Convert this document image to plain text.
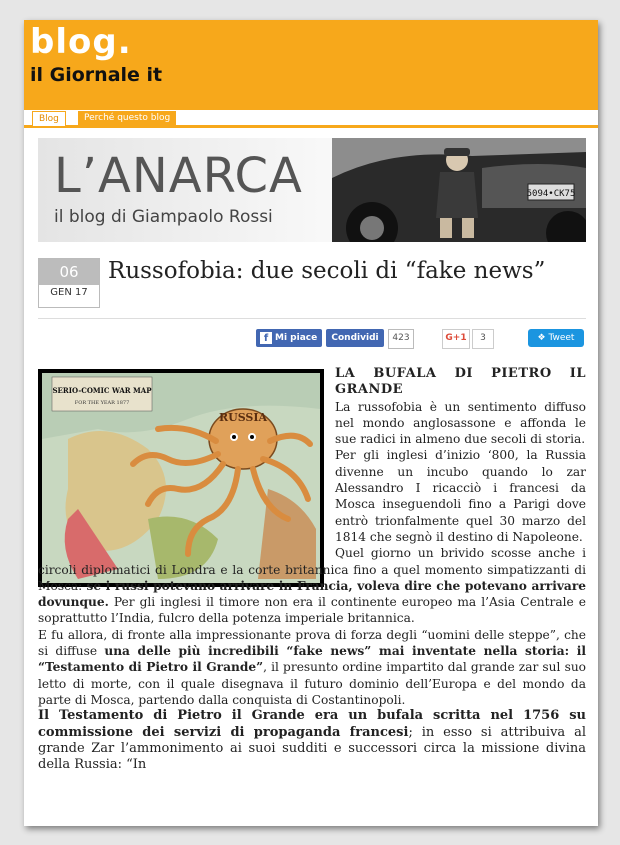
blog.
il Giornale it
Blog	Perché questo blog
L’ANARCA
il blog di Giampaolo Rossi
5094•CK75
06
GEN 17
Russofobia: due secoli di “fake news”
f Mi piace	Condividi	423	G+1	3	❖ Tweet
RUSSIA
SERIO-COMIC WAR MAP
FOR THE YEAR 1877

LA BUFALA DI PIETRO IL GRANDE

La russofobia è un sentimento diffuso nel mondo anglosassone e affonda le sue radici in almeno due secoli di storia.

Per gli inglesi d’inizio ‘800, la Russia divenne un incubo quando lo zar Alessandro I ricacciò i francesi da Mosca inseguendoli fino a Parigi dove entrò trionfalmente quel 30 marzo del 1814 che segnò il destino di Napoleone.

Quel giorno un brivido scosse anche i circoli diplomatici di Londra e la corte britannica fino a quel momento simpatizzanti di Mosca: se i russi potevano arrivare in Francia, voleva dire che potevano arrivare dovunque. Per gli inglesi il timore non era il continente europeo ma l’Asia Centrale e soprattutto l’India, fulcro della potenza imperiale britannica.

E fu allora, di fronte alla impressionante prova di forza degli “uomini delle steppe”, che si diffuse una delle più incredibili “fake news” mai inventate nella storia: il “Testamento di Pietro il Grande”, il presunto ordine impartito dal grande zar sul suo letto di morte, con il quale disegnava il futuro dominio dell’Europa e del mondo da parte di Mosca, partendo dalla conquista di Costantinopoli.

Il Testamento di Pietro il Grande era un bufala scritta nel 1756 su commissione dei servizi di propaganda francesi; in esso si attribuiva al grande Zar l’ammonimento ai suoi sudditi e successori circa la missione divina della Russia: “In
